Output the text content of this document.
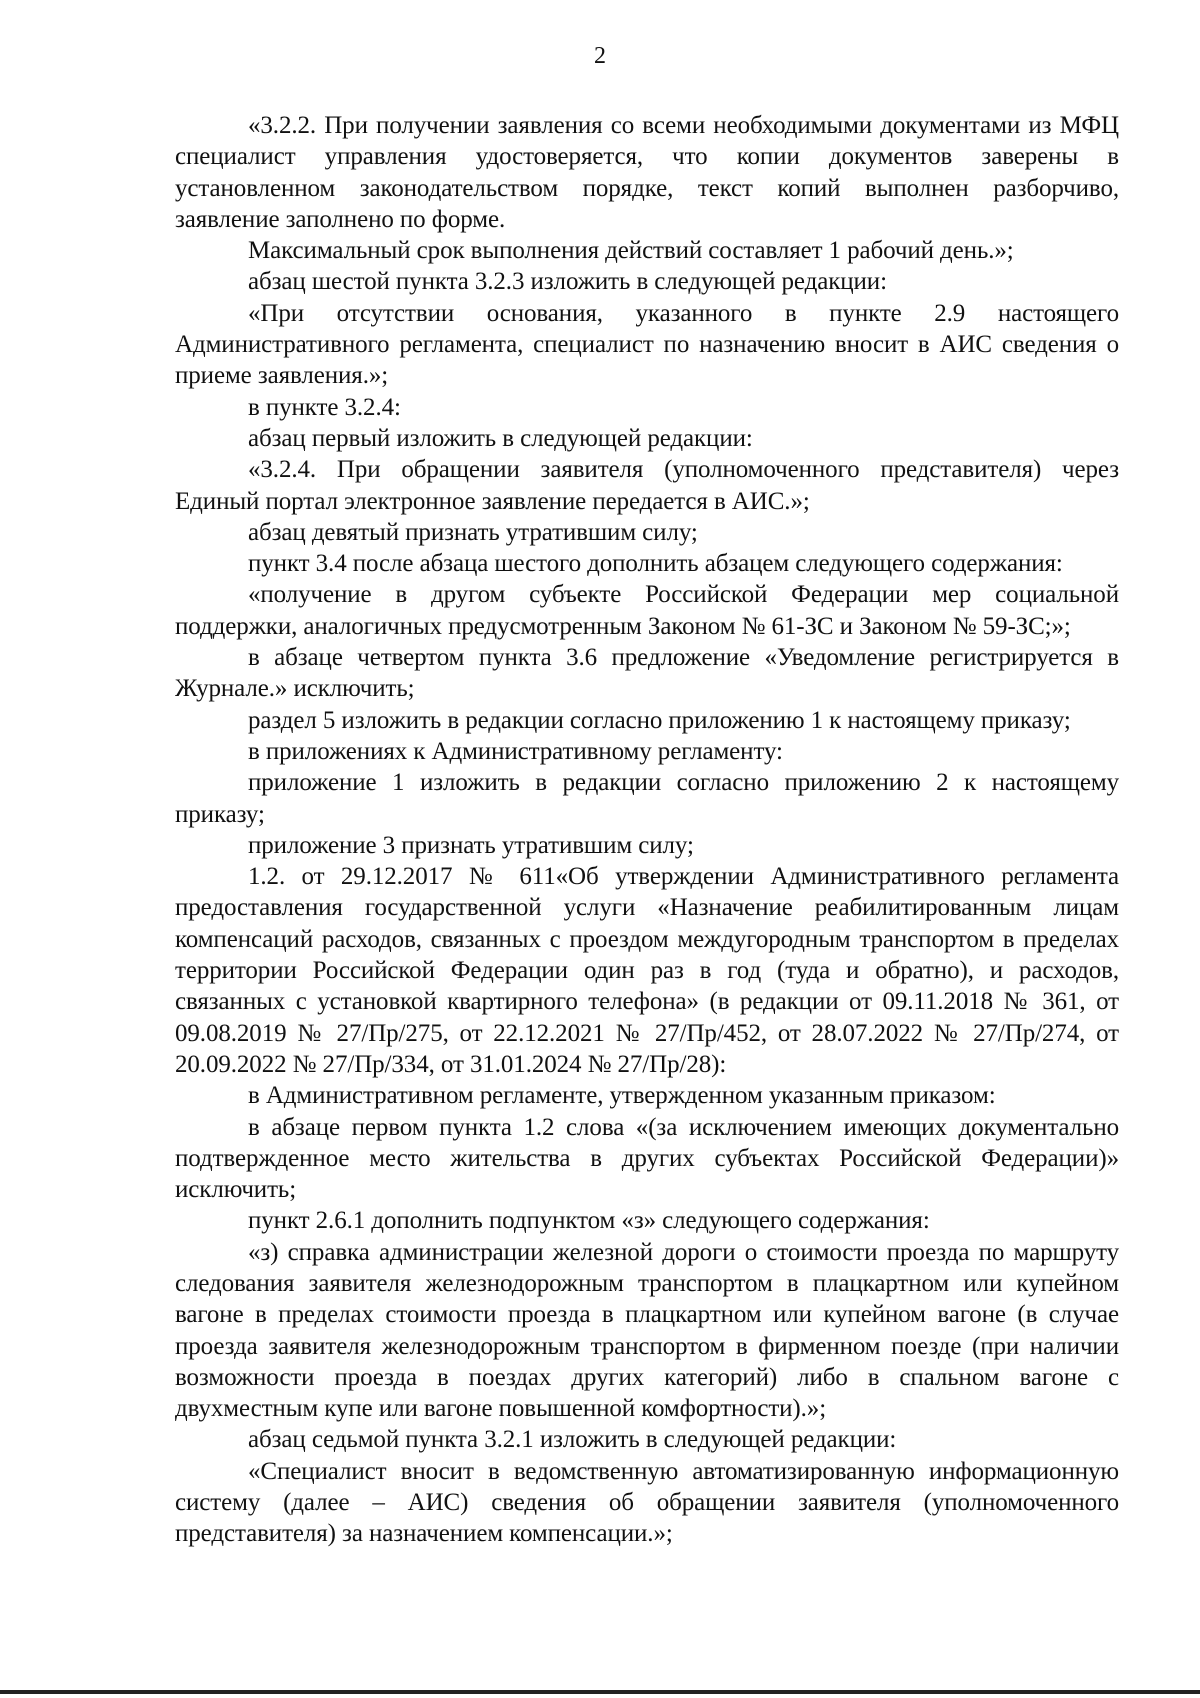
2

«3.2.2. При получении заявления со всеми необходимыми документами из МФЦ специалист управления удостоверяется, что копии документов заверены в установленном законодательством порядке, текст копий выполнен разборчиво, заявление заполнено по форме.

Максимальный срок выполнения действий составляет 1 рабочий день.»;

абзац шестой пункта 3.2.3 изложить в следующей редакции:

«При отсутствии основания, указанного в пункте 2.9 настоящего Административного регламента, специалист по назначению вносит в АИС сведения о приеме заявления.»;

в пункте 3.2.4:

абзац первый изложить в следующей редакции:

«3.2.4. При обращении заявителя (уполномоченного представителя) через Единый портал электронное заявление передается в АИС.»;

абзац девятый признать утратившим силу;

пункт 3.4 после абзаца шестого дополнить абзацем следующего содержания:

«получение в другом субъекте Российской Федерации мер социальной поддержки, аналогичных предусмотренным Законом № 61-ЗС и Законом № 59-ЗС;»;

в абзаце четвертом пункта 3.6 предложение «Уведомление регистрируется в Журнале.» исключить;

раздел 5 изложить в редакции согласно приложению 1 к настоящему приказу;

в приложениях к Административному регламенту:

приложение 1 изложить в редакции согласно приложению 2 к настоящему приказу;

приложение 3 признать утратившим силу;

1.2. от 29.12.2017 № 611«Об утверждении Административного регламента предоставления государственной услуги «Назначение реабилитированным лицам компенсаций расходов, связанных с проездом междугородным транспортом в пределах территории Российской Федерации один раз в год (туда и обратно), и расходов, связанных с установкой квартирного телефона» (в редакции от 09.11.2018 № 361, от 09.08.2019 № 27/Пр/275, от 22.12.2021 № 27/Пр/452, от 28.07.2022 № 27/Пр/274, от 20.09.2022 № 27/Пр/334, от 31.01.2024 № 27/Пр/28):

в Административном регламенте, утвержденном указанным приказом:

в абзаце первом пункта 1.2 слова «(за исключением имеющих документально подтвержденное место жительства в других субъектах Российской Федерации)» исключить;

пункт 2.6.1 дополнить подпунктом «з» следующего содержания:

«з) справка администрации железной дороги о стоимости проезда по маршруту следования заявителя железнодорожным транспортом в плацкартном или купейном вагоне в пределах стоимости проезда в плацкартном или купейном вагоне (в случае проезда заявителя железнодорожным транспортом в фирменном поезде (при наличии возможности проезда в поездах других категорий) либо в спальном вагоне с двухместным купе или вагоне повышенной комфортности).»;

абзац седьмой пункта 3.2.1 изложить в следующей редакции:

«Специалист вносит в ведомственную автоматизированную информационную систему (далее – АИС) сведения об обращении заявителя (уполномоченного представителя) за назначением компенсации.»;
